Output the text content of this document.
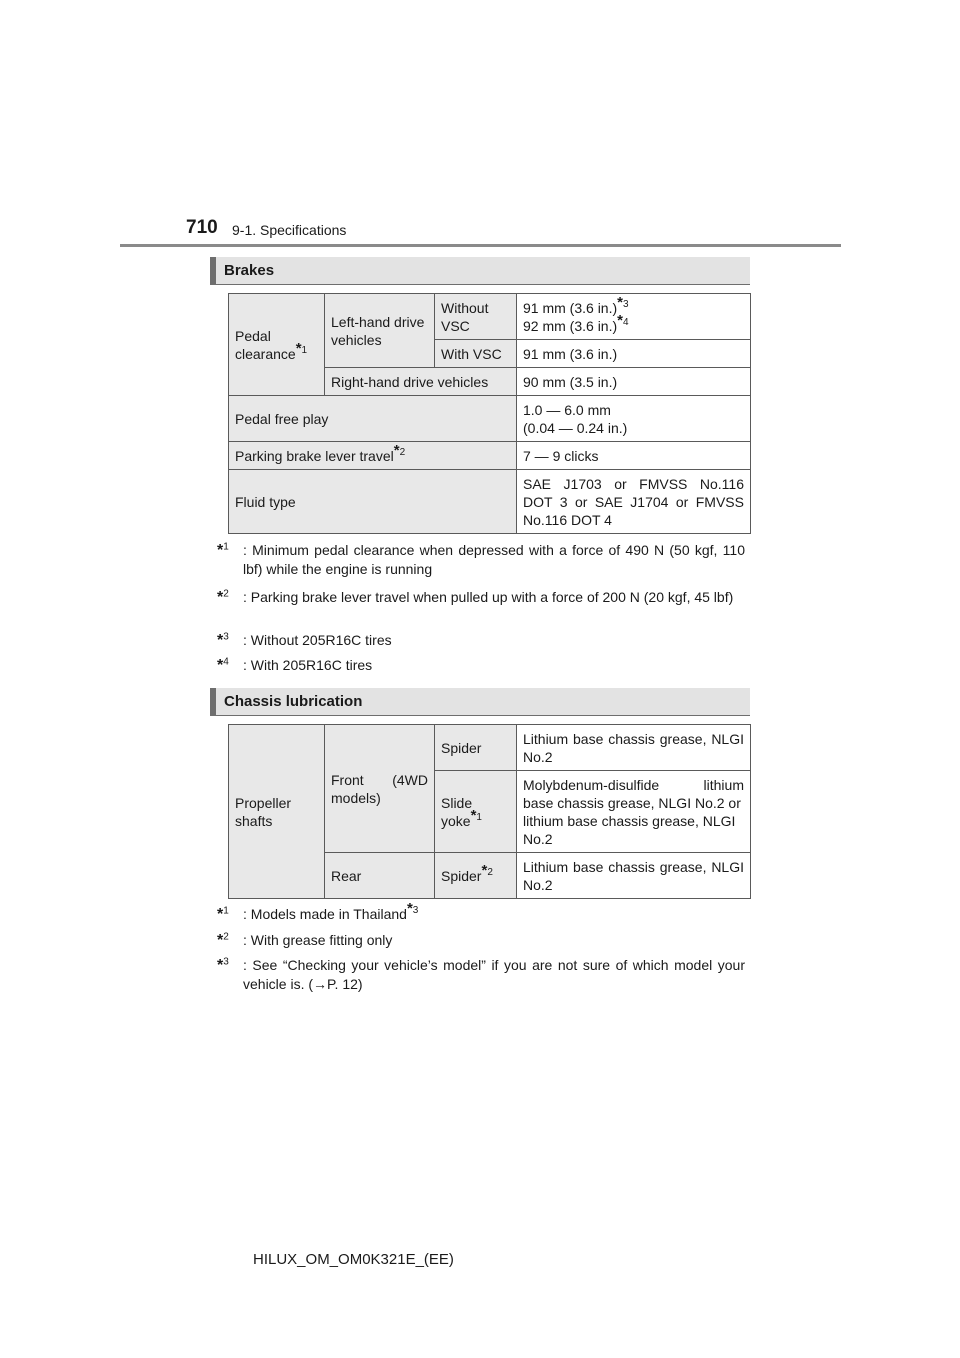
710 9-1. Specifications
Brakes
Pedal clearance$^{*1}$	Left-hand drive vehicles	Without VSC	91 mm (3.6 in.)$^{*3}$
92 mm (3.6 in.)$^{*4}$

		With VSC	91 mm (3.6 in.)
	Right-hand drive vehicles		90 mm (3.5 in.)
Pedal free play			1.0 — 6.0 mm
(0.04 — 0.24 in.)

Parking brake lever travel$^{*2}$			7 — 9 clicks
Fluid type			SAE J1703 or FMVSS No.116
DOT 3 or SAE J1704 or FMVSS
No.116 DOT 4
*$^1$ : Minimum pedal clearance when depressed with a force of 490 N (50 kgf, 110 lbf) while the engine is running
*$^2$ : Parking brake lever travel when pulled up with a force of 200 N (20 kgf, 45 lbf)
*$^3$ : Without 205R16C tires
*$^4$ : With 205R16C tires
Chassis lubrication
Propeller shafts	Front (4WD models)	Spider	Lithium base chassis grease, NLGI No.2
		Slide yoke$^{*1}$	Molybdenum-disulfide lithium
base chassis grease, NLGI No.2 or lithium base chassis grease, NLGI No.2

	Rear	Spider$^{*2}$	Lithium base chassis grease, NLGI No.2
*$^1$ : Models made in Thailand$^{*3}$
*$^2$ : With grease fitting only
*$^3$ : See “Checking your vehicle’s model” if you are not sure of which model your vehicle is. (→P. 12)
HILUX_OM_OM0K321E_(EE)
